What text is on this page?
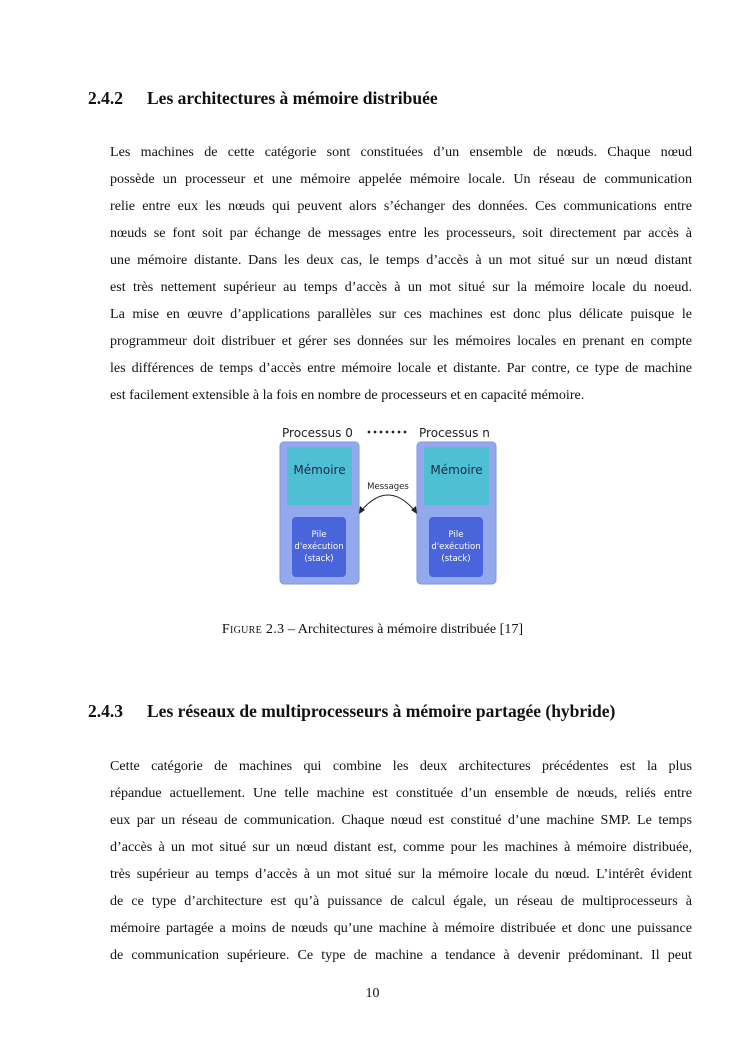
2.4.2 Les architectures à mémoire distribuée

Les machines de cette catégorie sont constituées d’un ensemble de nœuds. Chaque nœud
possède un processeur et une mémoire appelée mémoire locale. Un réseau de communication
relie entre eux les nœuds qui peuvent alors s’échanger des données. Ces communications entre
nœuds se font soit par échange de messages entre les processeurs, soit directement par accès à
une mémoire distante. Dans les deux cas, le temps d’accès à un mot situé sur un nœud distant
est très nettement supérieur au temps d’accès à un mot situé sur la mémoire locale du noeud.
La mise en œuvre d’applications parallèles sur ces machines est donc plus délicate puisque le
programmeur doit distribuer et gérer ses données sur les mémoires locales en prenant en compte
les différences de temps d’accès entre mémoire locale et distante. Par contre, ce type de machine
est facilement extensible à la fois en nombre de processeurs et en capacité mémoire.

Processus 0	Processus n
Mémoire	Mémoire
Pile
d'exécution
(stack)
Pile
d'exécution
(stack)
Messages

Figure 2.3 – Architectures à mémoire distribuée [17]

2.4.3 Les réseaux de multiprocesseurs à mémoire partagée (hybride)

Cette catégorie de machines qui combine les deux architectures précédentes est la plus
répandue actuellement. Une telle machine est constituée d’un ensemble de nœuds, reliés entre
eux par un réseau de communication. Chaque nœud est constitué d’une machine SMP. Le temps
d’accès à un mot situé sur un nœud distant est, comme pour les machines à mémoire distribuée,
très supérieur au temps d’accès à un mot situé sur la mémoire locale du nœud. L’intérêt évident
de ce type d’architecture est qu’à puissance de calcul égale, un réseau de multiprocesseurs à
mémoire partagée a moins de nœuds qu’une machine à mémoire distribuée et donc une puissance
de communication supérieure. Ce type de machine a tendance à devenir prédominant. Il peut

10
